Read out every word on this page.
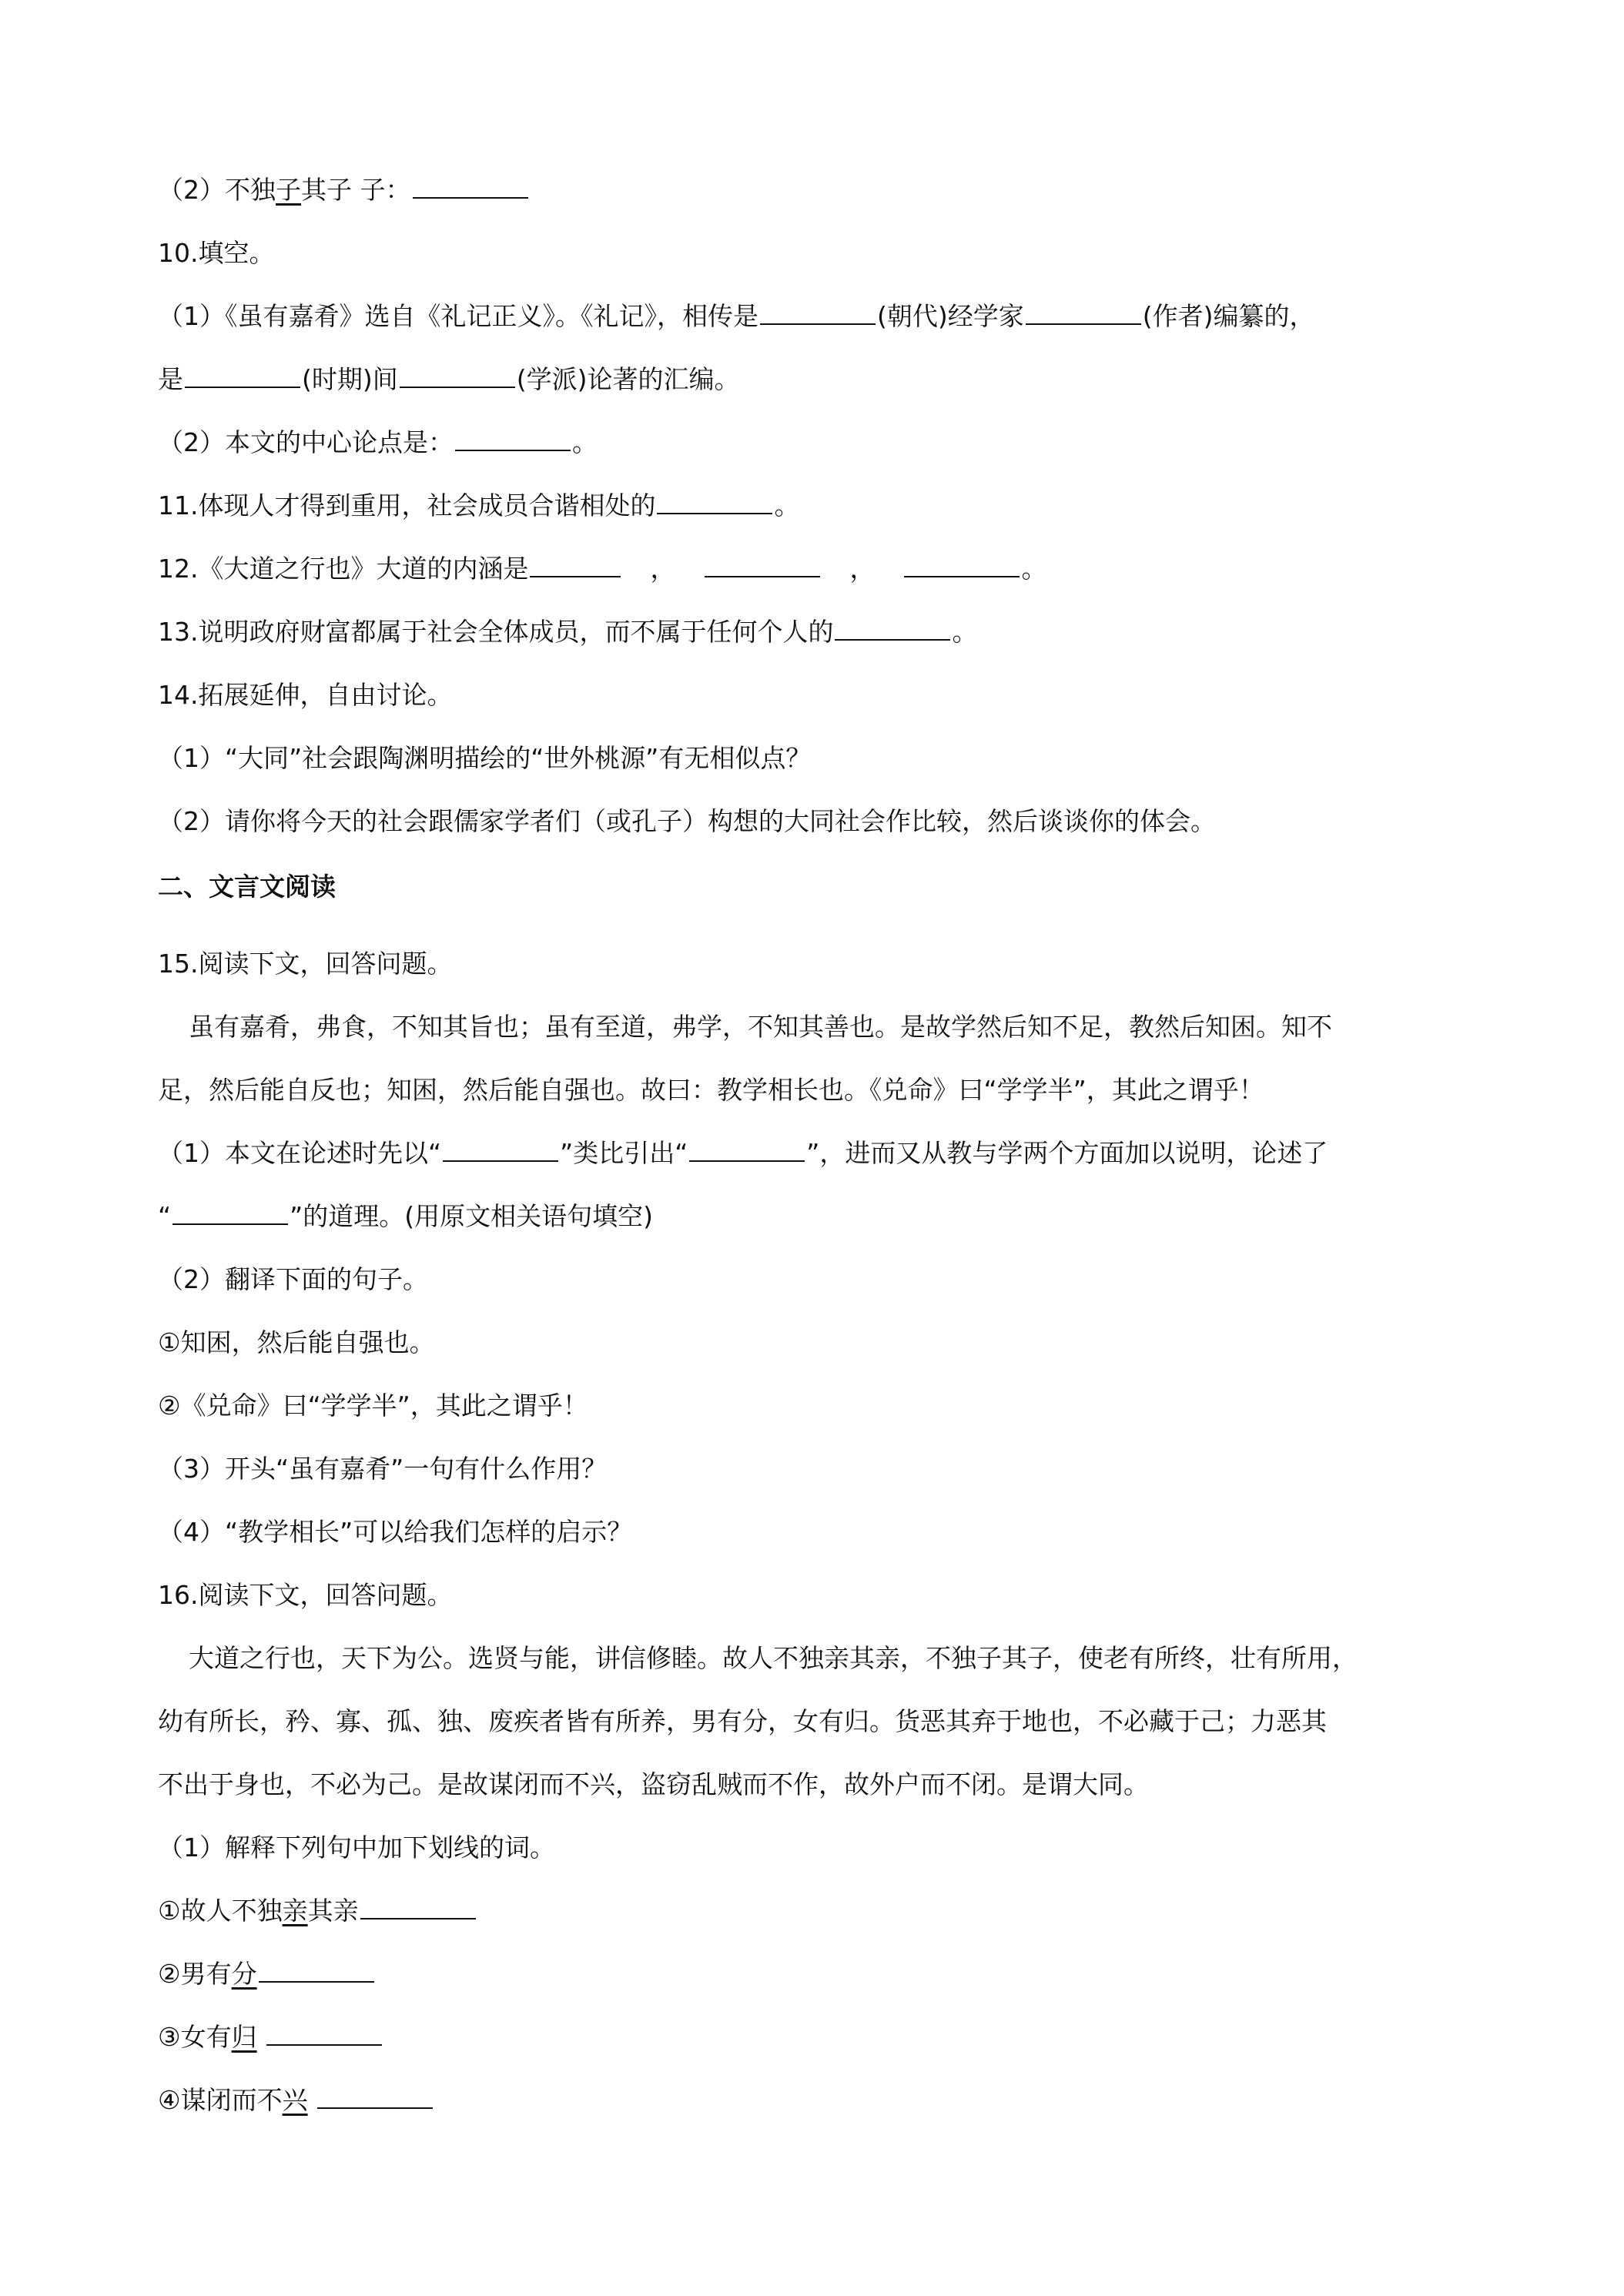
（2）不独子其子 子：
10.填空。
（1）《虽有嘉肴》选自《礼记正义》。《礼记》，相传是	(朝代)经学家	(作者)编纂的，
是	(时期)间	(学派)论著的汇编。
（2）本文的中心论点是：	。
11.体现人才得到重用，社会成员合谐相处的	。
12.《大道之行也》大道的内涵是	，	，	。
13.说明政府财富都属于社会全体成员，而不属于任何个人的	。
14.拓展延伸，自由讨论。
（1）“大同”社会跟陶渊明描绘的“世外桃源”有无相似点？
（2）请你将今天的社会跟儒家学者们（或孔子）构想的大同社会作比较，然后谈谈你的体会。
二、文言文阅读
15.阅读下文，回答问题。
虽有嘉肴，弗食，不知其旨也；虽有至道，弗学，不知其善也。是故学然后知不足，教然后知困。知不
足，然后能自反也；知困，然后能自强也。故曰：教学相长也。《兑命》曰“学学半”，其此之谓乎！
（1）本文在论述时先以“	”类比引出“	”，进而又从教与学两个方面加以说明，论述了
“	”的道理。(用原文相关语句填空)
（2）翻译下面的句子。
①知困，然后能自强也。
②《兑命》曰“学学半”，其此之谓乎！
（3）开头“虽有嘉肴”一句有什么作用？
（4）“教学相长”可以给我们怎样的启示？
16.阅读下文，回答问题。
大道之行也，天下为公。选贤与能，讲信修睦。故人不独亲其亲，不独子其子，使老有所终，壮有所用，
幼有所长，矜、寡、孤、独、废疾者皆有所养，男有分，女有归。货恶其弃于地也，不必藏于己；力恶其
不出于身也，不必为己。是故谋闭而不兴，盗窃乱贼而不作，故外户而不闭。是谓大同。
（1）解释下列句中加下划线的词。
①故人不独亲其亲
②男有分
③女有归
④谋闭而不兴
